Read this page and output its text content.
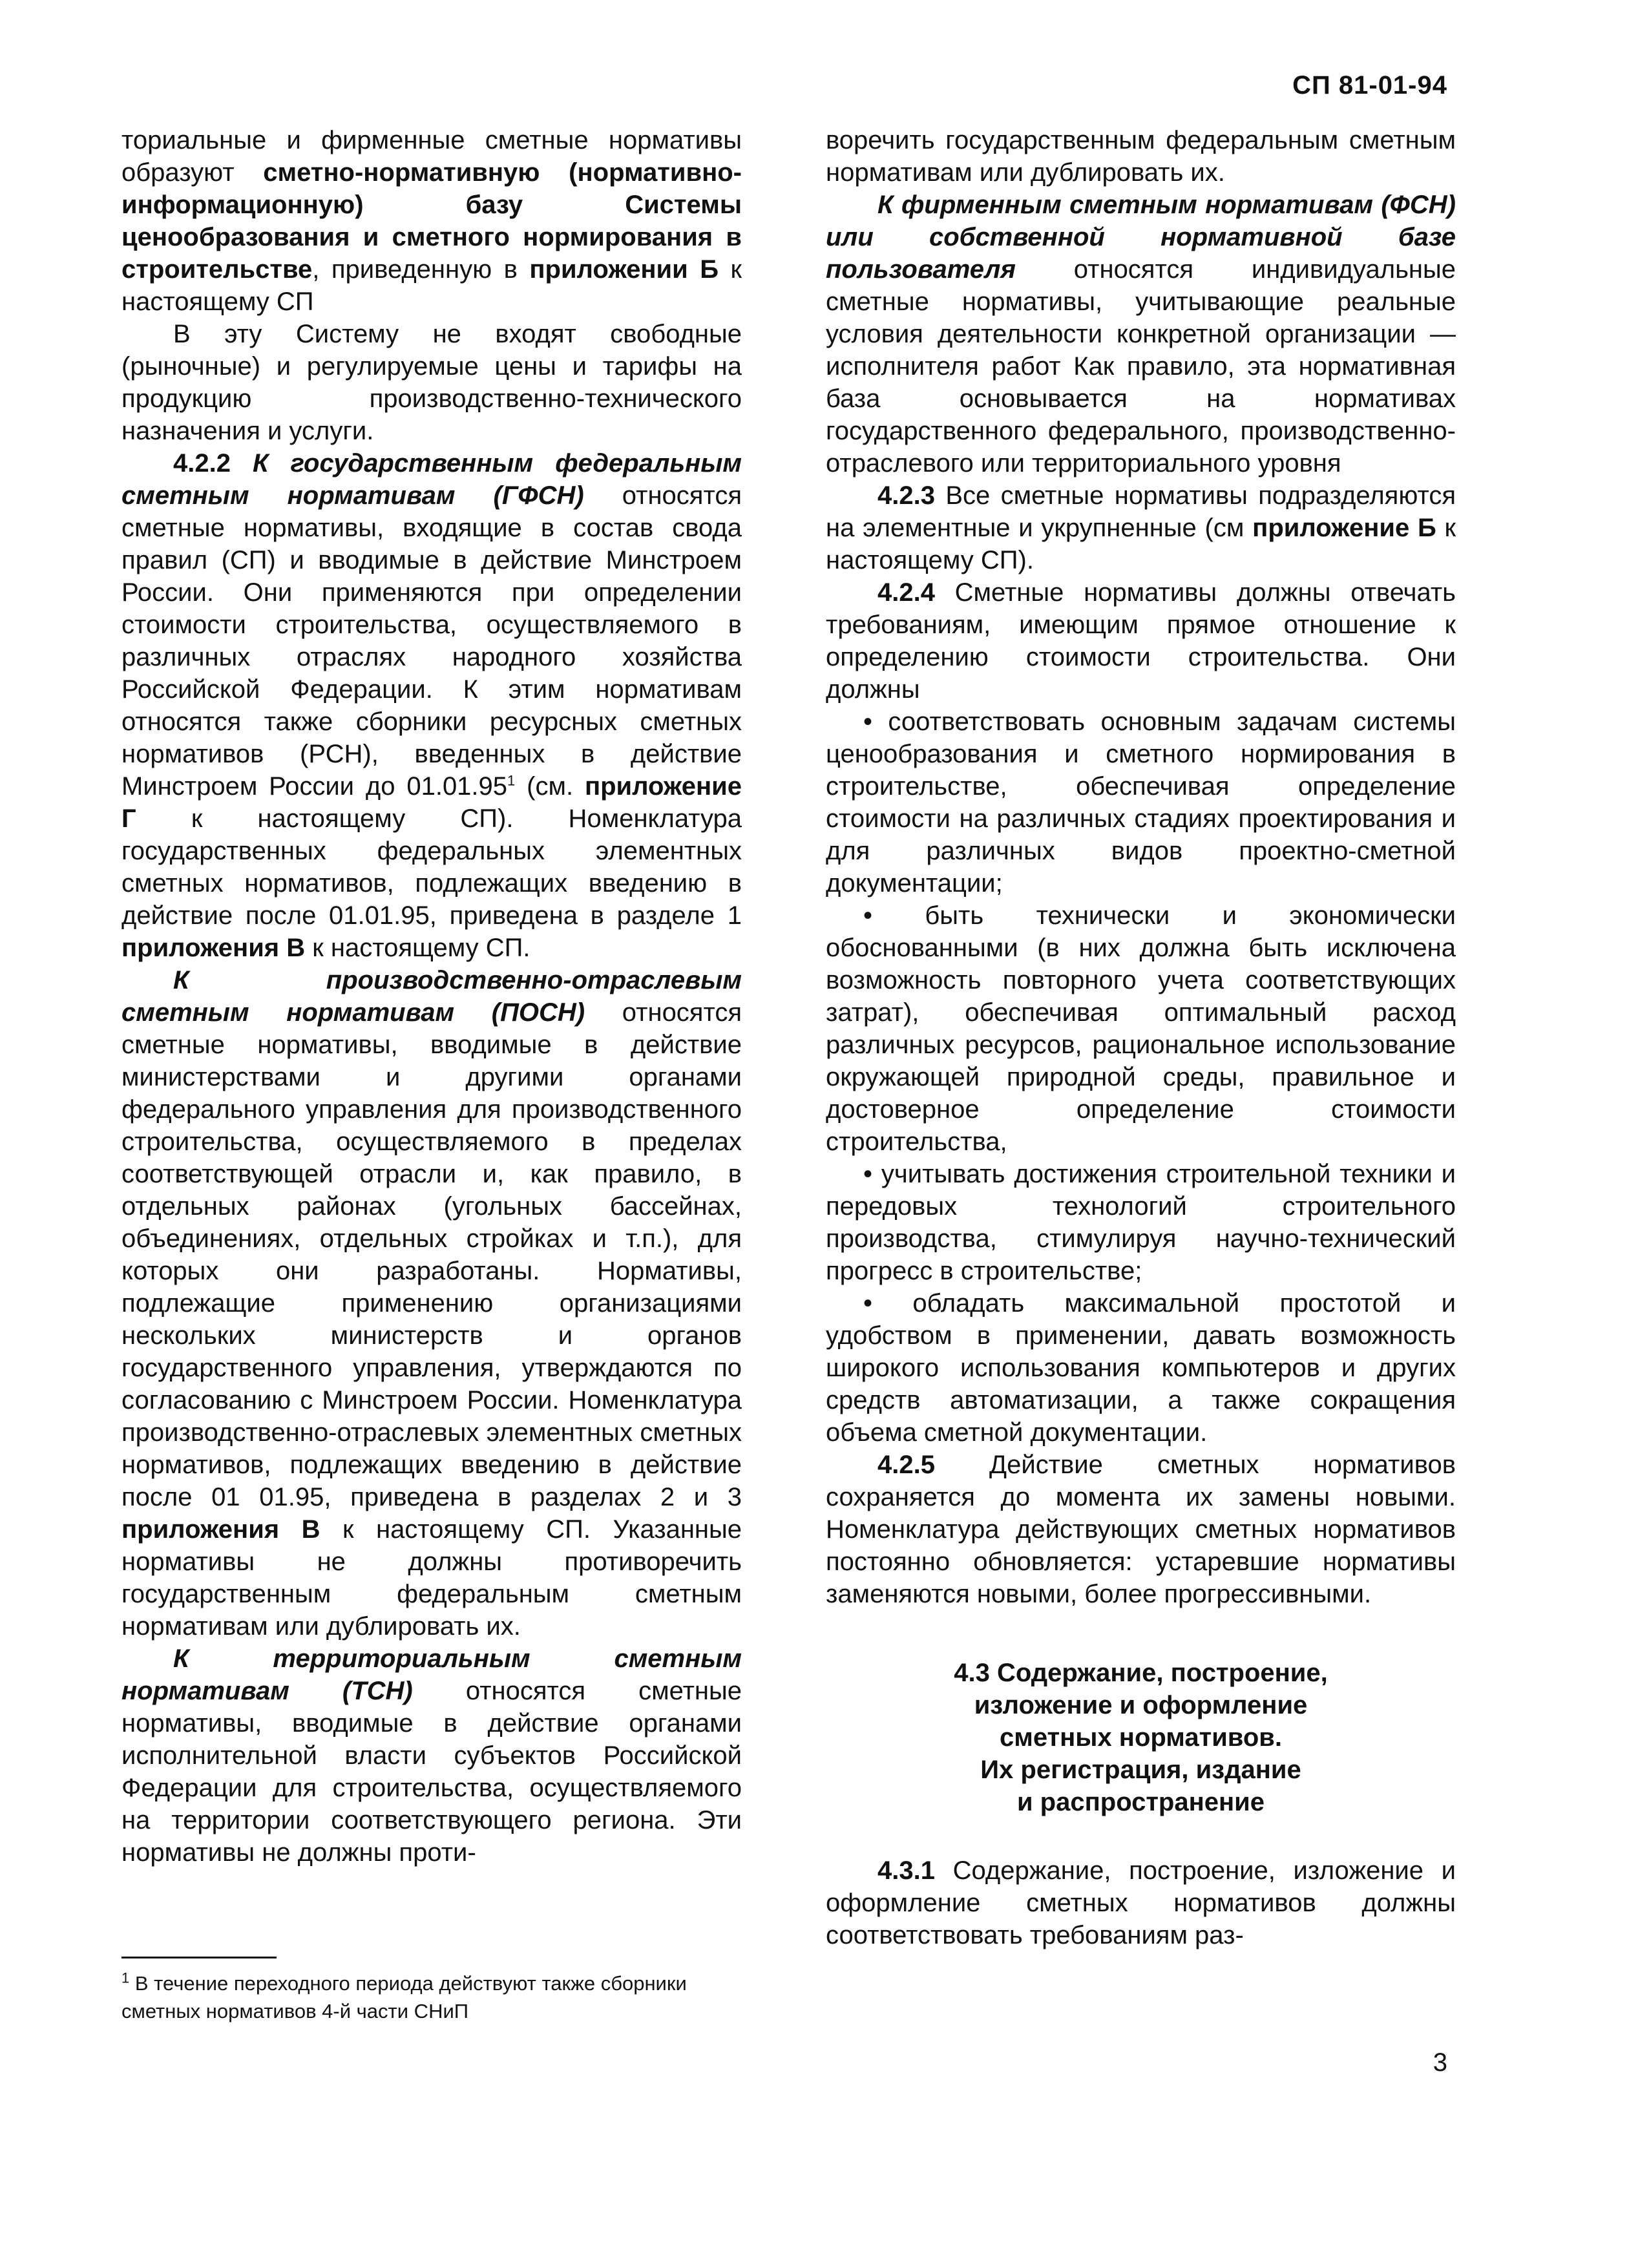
СП 81-01-94

ториальные и фирменные сметные нормативы образуют сметно-нормативную (нормативно-информационную) базу Системы ценообразования и сметного нормирования в строительстве, приведенную в приложении Б к настоящему СП

В эту Систему не входят свободные (рыночные) и регулируемые цены и тарифы на продукцию производственно-технического назначения и услуги.

4.2.2 К государственным федеральным сметным нормативам (ГФСН) относятся сметные нормативы, входящие в состав свода правил (СП) и вводимые в действие Минстроем России. Они применяются при определении стоимости строительства, осуществляемого в различных отраслях народного хозяйства Российской Федерации. К этим нормативам относятся также сборники ресурсных сметных нормативов (РСН), введенных в действие Минстроем России до 01.01.95$^1$ (см. приложение Г к настоящему СП). Номенклатура государственных федеральных элементных сметных нормативов, подлежащих введению в действие после 01.01.95, приведена в разделе 1 приложения В к настоящему СП.

К производственно-отраслевым сметным нормативам (ПОСН) относятся сметные нормативы, вводимые в действие министерствами и другими органами федерального управления для производственного строительства, осуществляемого в пределах соответствующей отрасли и, как правило, в отдельных районах (угольных бассейнах, объединениях, отдельных стройках и т.п.), для которых они разработаны. Нормативы, подлежащие применению организациями нескольких министерств и органов государственного управления, утверждаются по согласованию с Минстроем России. Номенклатура производственно-отраслевых элементных сметных нормативов, подлежащих введению в действие после 01 01.95, приведена в разделах 2 и 3 приложения В к настоящему СП. Указанные нормативы не должны противоречить государственным федеральным сметным нормативам или дублировать их.

К территориальным сметным нормативам (ТСН) относятся сметные нормативы, вводимые в действие органами исполнительной власти субъектов Российской Федерации для строительства, осуществляемого на территории соответствующего региона. Эти нормативы не должны проти-

$^1$ В течение переходного периода действуют также сборники сметных нормативов 4-й части СНиП

воречить государственным федеральным сметным нормативам или дублировать их.

К фирменным сметным нормативам (ФСН) или собственной нормативной базе пользователя относятся индивидуальные сметные нормативы, учитывающие реальные условия деятельности конкретной организации — исполнителя работ Как правило, эта нормативная база основывается на нормативах государственного федерального, производственно-отраслевого или территориального уровня

4.2.3 Все сметные нормативы подразделяются на элементные и укрупненные (см приложение Б к настоящему СП).

4.2.4 Сметные нормативы должны отвечать требованиям, имеющим прямое отношение к определению стоимости строительства. Они должны

• соответствовать основным задачам системы ценообразования и сметного нормирования в строительстве, обеспечивая определение стоимости на различных стадиях проектирования и для различных видов проектно-сметной документации;

• быть технически и экономически обоснованными (в них должна быть исключена возможность повторного учета соответствующих затрат), обеспечивая оптимальный расход различных ресурсов, рациональное использование окружающей природной среды, правильное и достоверное определение стоимости строительства,

• учитывать достижения строительной техники и передовых технологий строительного производства, стимулируя научно-технический прогресс в строительстве;

• обладать максимальной простотой и удобством в применении, давать возможность широкого использования компьютеров и других средств автоматизации, а также сокращения объема сметной документации.

4.2.5 Действие сметных нормативов сохраняется до момента их замены новыми. Номенклатура действующих сметных нормативов постоянно обновляется: устаревшие нормативы заменяются новыми, более прогрессивными.

4.3 Содержание, построение,
изложение и оформление
сметных нормативов.
Их регистрация, издание
и распространение

4.3.1 Содержание, построение, изложение и оформление сметных нормативов должны соответствовать требованиям раз-

3
